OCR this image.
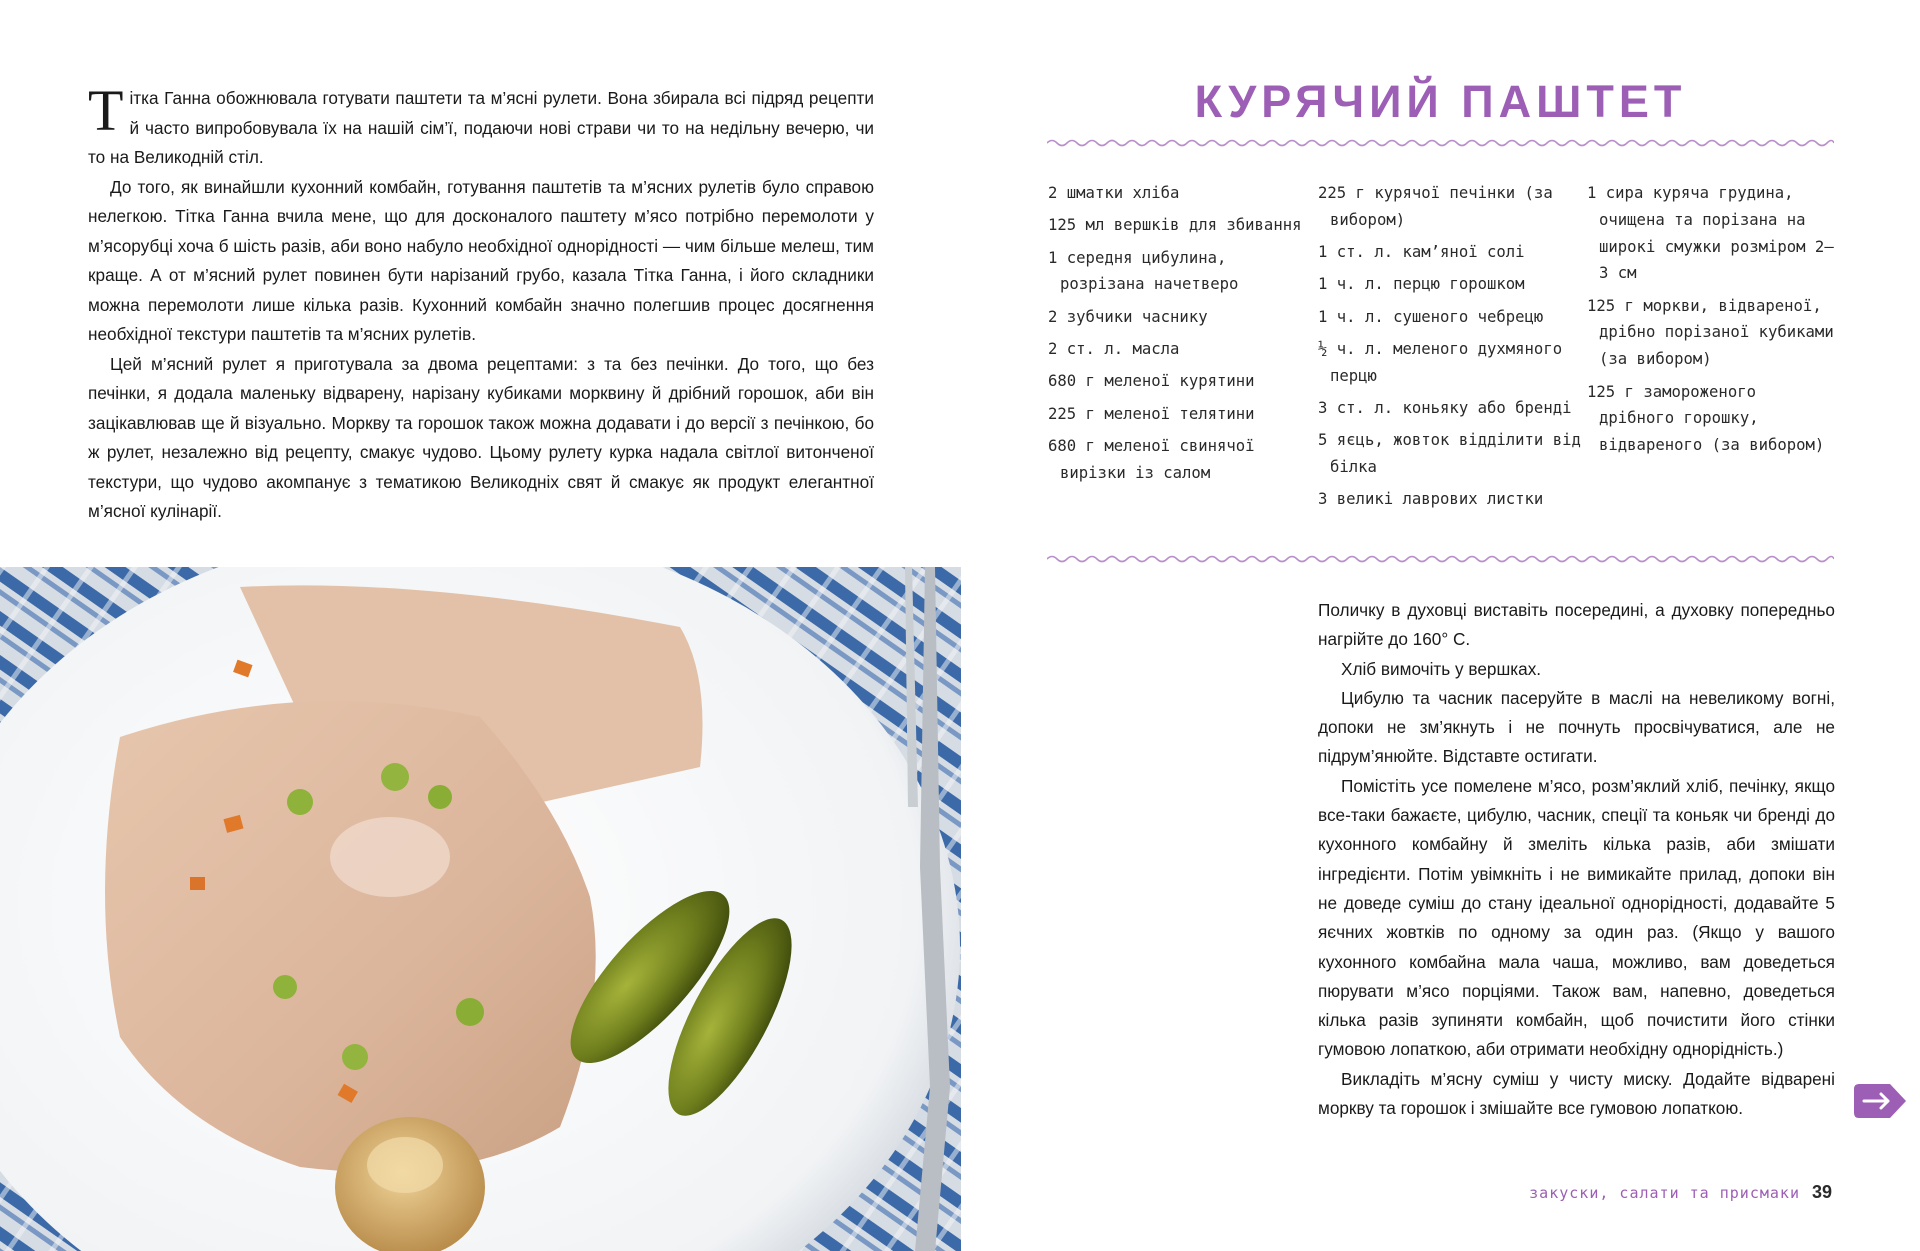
Т ітка Ганна обожнювала готувати паштети та м’ясні рулети. Вона збирала всі підряд рецепти й часто випробовувала їх на нашій сім’ї, подаючи нові страви чи то на недільну вечерю, чи то на Великодній стіл.

До того, як винайшли кухонний комбайн, готування паштетів та м’ясних рулетів було справою нелегкою. Тітка Ганна вчила мене, що для досконалого паштету м’ясо потрібно перемолоти у м’ясорубці хоча б шість разів, аби воно набуло необхідної однорідності — чим більше мелеш, тим краще. А от м’ясний рулет повинен бути нарізаний грубо, казала Тітка Ганна, і його складники можна перемолоти лише кілька разів. Кухонний комбайн значно полегшив процес досягнення необхідної текстури паштетів та м’ясних рулетів.

Цей м’ясний рулет я приготувала за двома рецептами: з та без печінки. До того, що без печінки, я додала маленьку відварену, нарізану кубиками морквину й дрібний горошок, аби він зацікавлював ще й візуально. Моркву та горошок також можна додавати і до версії з печінкою, бо ж рулет, незалежно від рецепту, смакує чудово. Цьому рулету курка надала світлої витонченої текстури, що чудово акомпанує з тематикою Великодніх свят й смакує як продукт елегантної м’ясної кулінарії.

КУРЯЧИЙ ПАШТЕТ
2 шматки хліба
125 мл вершків для збивання
1 середня цибулина, розрізана начетверо
2 зубчики часнику
2 ст. л. масла
680 г меленої курятини
225 г меленої телятини
680 г меленої свинячої вирізки із салом
225 г курячої печінки (за вибором)
1 ст. л. кам’яної солі
1 ч. л. перцю горошком
1 ч. л. сушеного чебрецю
½ ч. л. меленого духмяного перцю
3 ст. л. коньяку або бренді
5 яєць, жовток відділити від білка
3 великі лаврових листки
1 сира куряча грудина, очищена та порізана на широкі смужки розміром 2–3 см
125 г моркви, відвареної, дрібно порізаної кубиками (за вибором)
125 г замороженого дрібного горошку, відвареного (за вибором)

Поличку в духовці виставіть посередині, а духовку попередньо нагрійте до 160° С.

Хліб вимочіть у вершках.

Цибулю та часник пасеруйте в маслі на невеликому вогні, допоки не зм’якнуть і не почнуть просвічуватися, але не підрум’янюйте. Відставте остигати.

Помістіть усе помелене м’ясо, розм’яклий хліб, печінку, якщо все-таки бажаєте, цибулю, часник, спеції та коньяк чи бренді до кухонного комбайну й змеліть кілька разів, аби змішати інгредієнти. Потім увімкніть і не вимикайте прилад, допоки він не доведе суміш до стану ідеальної однорідності, додавайте 5 яєчних жовтків по одному за один раз. (Якщо у вашого кухонного комбайна мала чаша, можливо, вам доведеться пюрувати м’ясо порціями. Також вам, напевно, доведеться кілька разів зупиняти комбайн, щоб почистити його стінки гумовою лопаткою, аби отримати необхідну однорідність.)

Викладіть м’ясну суміш у чисту миску. Додайте відварені моркву та горошок і змішайте все гумовою лопаткою.

закуски, салати та присмаки 39
